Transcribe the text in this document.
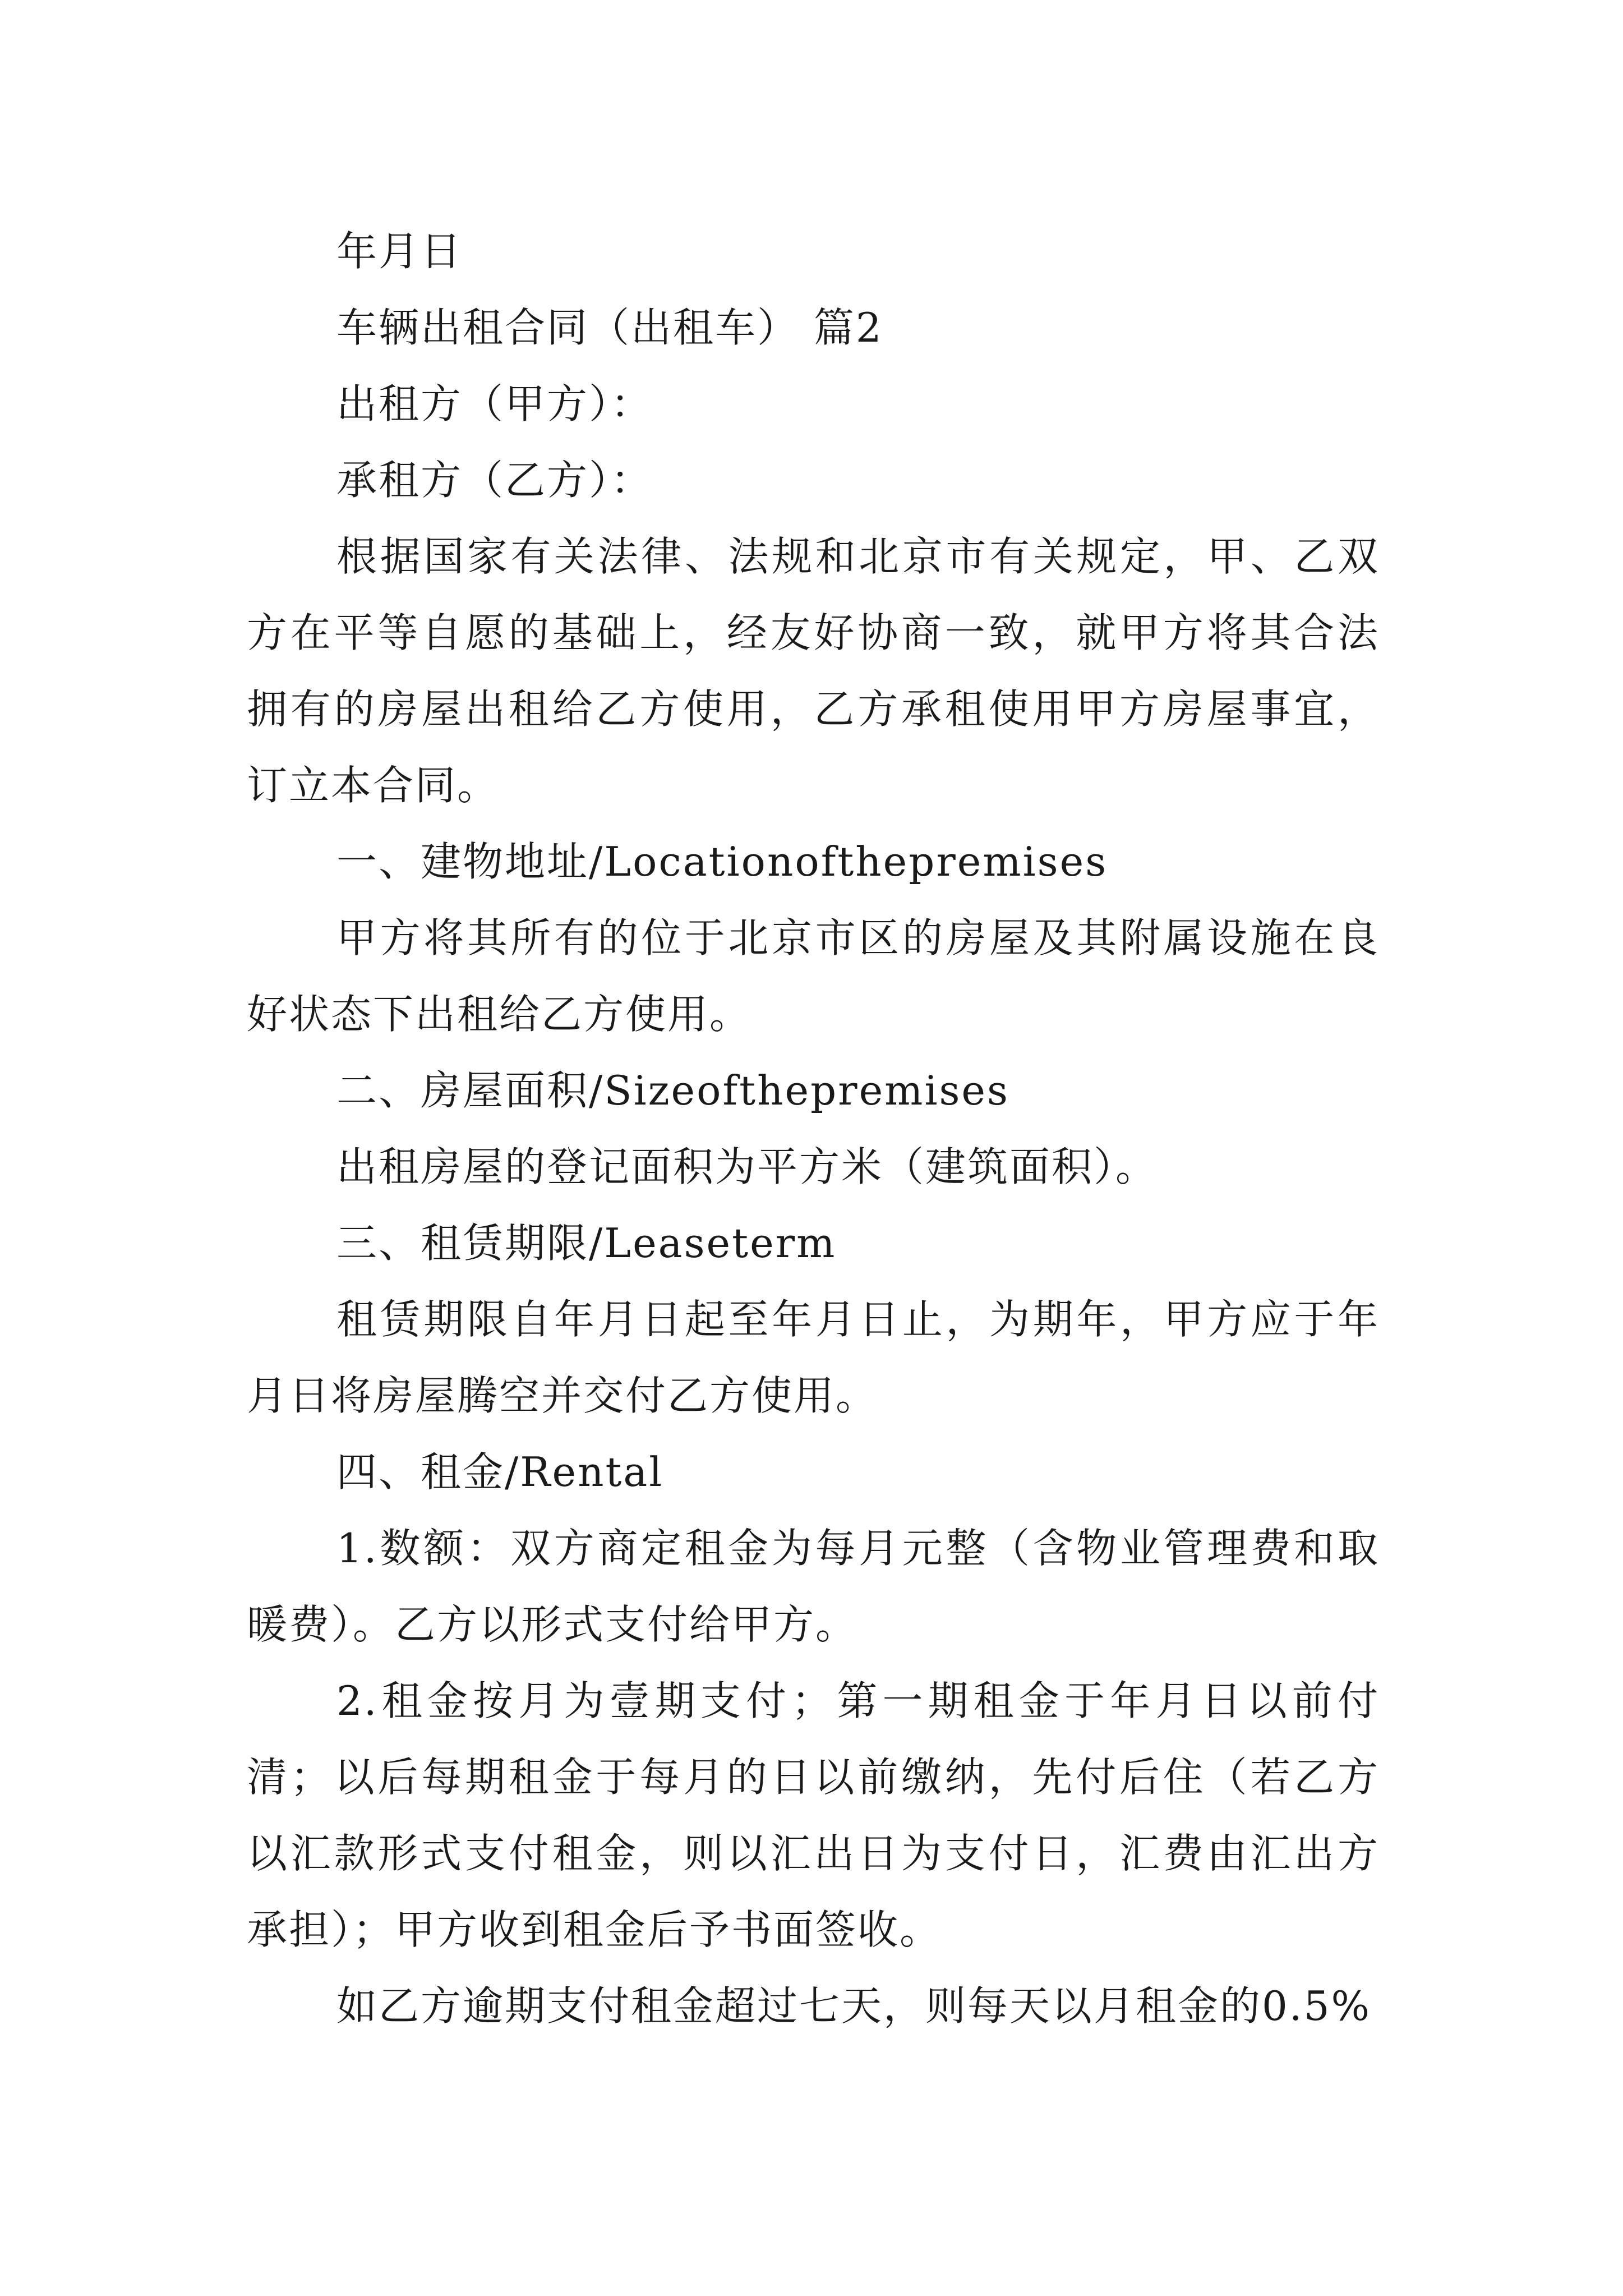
年月日

车辆出租合同（出租车） 篇2

出租方（甲方）：

承租方（乙方）：

根据国家有关法律、法规和北京市有关规定，甲、乙双方在平等自愿的基础上，经友好协商一致，就甲方将其合法拥有的房屋出租给乙方使用，乙方承租使用甲方房屋事宜，订立本合同。

一、建物地址/Locationofthepremises

甲方将其所有的位于北京市区的房屋及其附属设施在良好状态下出租给乙方使用。

二、房屋面积/Sizeofthepremises

出租房屋的登记面积为平方米（建筑面积）。

三、租赁期限/Leaseterm

租赁期限自年月日起至年月日止，为期年，甲方应于年月日将房屋腾空并交付乙方使用。

四、租金/Rental

1.数额：双方商定租金为每月元整（含物业管理费和取暖费）。乙方以形式支付给甲方。

2.租金按月为壹期支付；第一期租金于年月日以前付清；以后每期租金于每月的日以前缴纳，先付后住（若乙方以汇款形式支付租金，则以汇出日为支付日，汇费由汇出方承担）；甲方收到租金后予书面签收。

如乙方逾期支付租金超过七天，则每天以月租金的0.5%
